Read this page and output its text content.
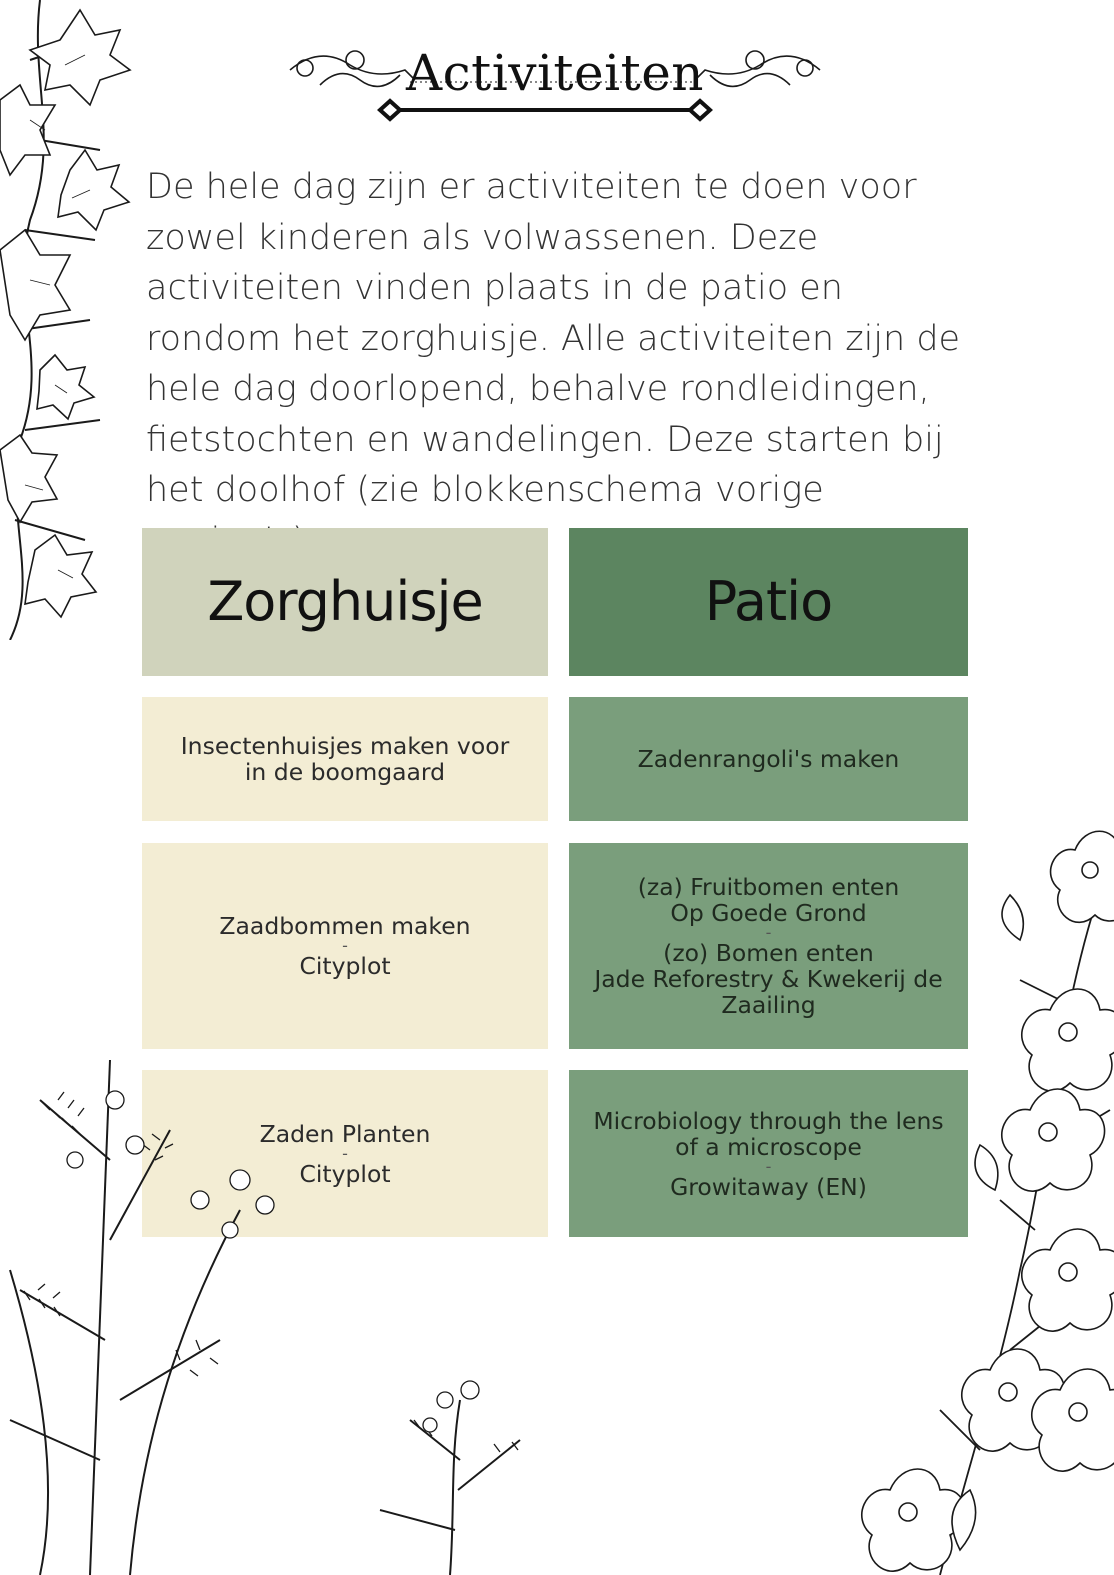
Activiteiten
De hele dag zijn er activiteiten te doen voor zowel kinderen als volwassenen. Deze activiteiten vinden plaats in de patio en rondom het zorghuisje. Alle activiteiten zijn de hele dag doorlopend, behalve rondleidingen, fietstochten en wandelingen. Deze starten bij het doolhof (zie blokkenschema vorige
Zorghuisje	Patio
Insectenhuisjes maken voor in de boomgaard
Zaadbommen maken
-
Cityplot
Zaden Planten
-
Cityplot
Zadenrangoli's maken
(za) Fruitbomen enten
Op Goede Grond
-
(zo) Bomen enten
Jade Reforestry & Kwekerij de Zaailing
Microbiology through the lens of a microscope
-
Growitaway (EN)
